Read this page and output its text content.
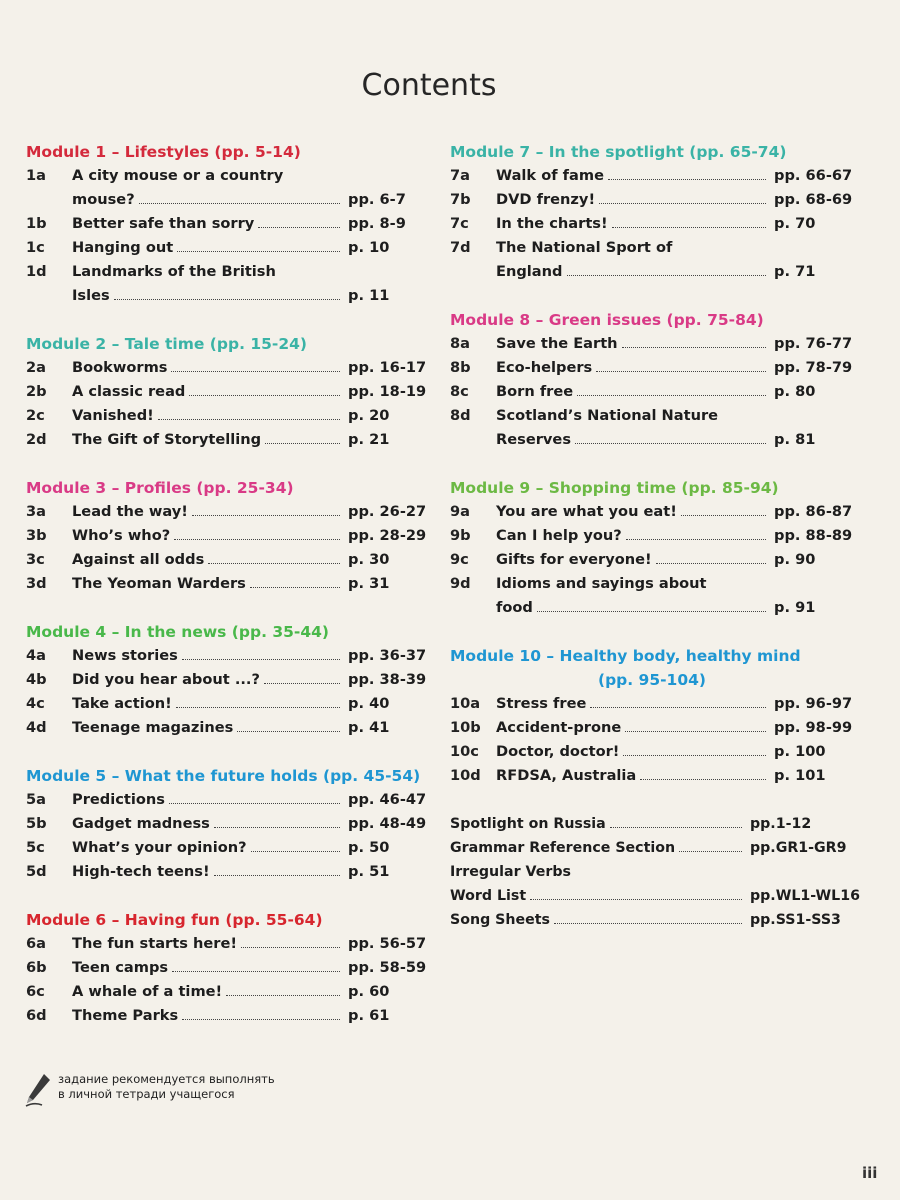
Contents
Module 1 – Lifestyles (pp. 5-14)
1a	A city mouse or a country
mouse?	pp. 6-7
1b	Better safe than sorry	pp. 8-9
1c	Hanging out	p. 10
1d	Landmarks of the British
Isles	p. 11
Module 2 – Tale time (pp. 15-24)
2a	Bookworms	pp. 16-17
2b	A classic read	pp. 18-19
2c	Vanished!	p. 20
2d	The Gift of Storytelling	p. 21
Module 3 – Profiles (pp. 25-34)
3a	Lead the way!	pp. 26-27
3b	Who’s who?	pp. 28-29
3c	Against all odds	p. 30
3d	The Yeoman Warders	p. 31
Module 4 – In the news (pp. 35-44)
4a	News stories	pp. 36-37
4b	Did you hear about ...?	pp. 38-39
4c	Take action!	p. 40
4d	Teenage magazines	p. 41
Module 5 – What the future holds (pp. 45-54)
5a	Predictions	pp. 46-47
5b	Gadget madness	pp. 48-49
5c	What’s your opinion?	p. 50
5d	High-tech teens!	p. 51
Module 6 – Having fun (pp. 55-64)
6a	The fun starts here!	pp. 56-57
6b	Teen camps	pp. 58-59
6c	A whale of a time!	p. 60
6d	Theme Parks	p. 61
Module 7 – In the spotlight (pp. 65-74)
7a	Walk of fame	pp. 66-67
7b	DVD frenzy!	pp. 68-69
7c	In the charts!	p. 70
7d	The National Sport of
England	p. 71
Module 8 – Green issues (pp. 75-84)
8a	Save the Earth	pp. 76-77
8b	Eco-helpers	pp. 78-79
8c	Born free	p. 80
8d	Scotland’s National Nature
Reserves	p. 81
Module 9 – Shopping time (pp. 85-94)
9a	You are what you eat!	pp. 86-87
9b	Can I help you?	pp. 88-89
9c	Gifts for everyone!	p. 90
9d	Idioms and sayings about
food	p. 91
Module 10 – Healthy body, healthy mind
(pp. 95-104)
10a	Stress free	pp. 96-97
10b	Accident-prone	pp. 98-99
10c	Doctor, doctor!	p. 100
10d	RFDSA, Australia	p. 101
Spotlight on Russia	pp.1-12
Grammar Reference Section	pp.GR1-GR9
Irregular Verbs
Word List	pp.WL1-WL16
Song Sheets	pp.SS1-SS3
задание рекомендуется выполнять
в личной тетради учащегося
iii
